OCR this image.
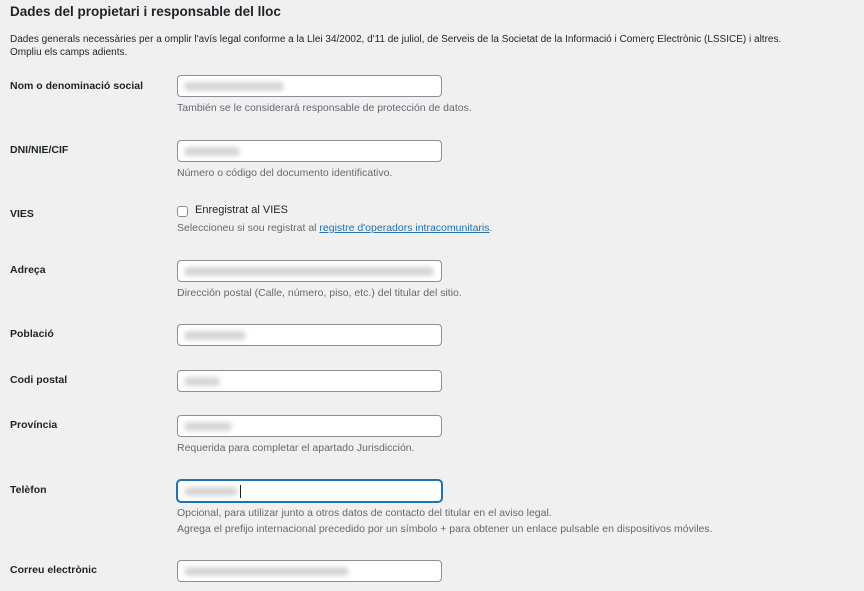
Dades del propietari i responsable del lloc
Dades generals necessàries per a omplir l'avís legal conforme a la Llei 34/2002, d'11 de juliol, de Serveis de la Societat de la Informació i Comerç Electrònic (LSSICE) i altres.
Ompliu els camps adients.
Nom o denominació social
También se le considerará responsable de protección de datos.
DNI/NIE/CIF
Número o código del documento identificativo.
VIES	Enregistrat al VIES
Seleccioneu si sou registrat al registre d'operadors intracomunitaris.
Adreça
Dirección postal (Calle, número, piso, etc.) del titular del sitio.
Població
Codi postal
Província
Requerida para completar el apartado Jurisdicción.
Telèfon
Opcional, para utilizar junto a otros datos de contacto del titular en el aviso legal.
Agrega el prefijo internacional precedido por un símbolo + para obtener un enlace pulsable en dispositivos móviles.
Correu electrònic
